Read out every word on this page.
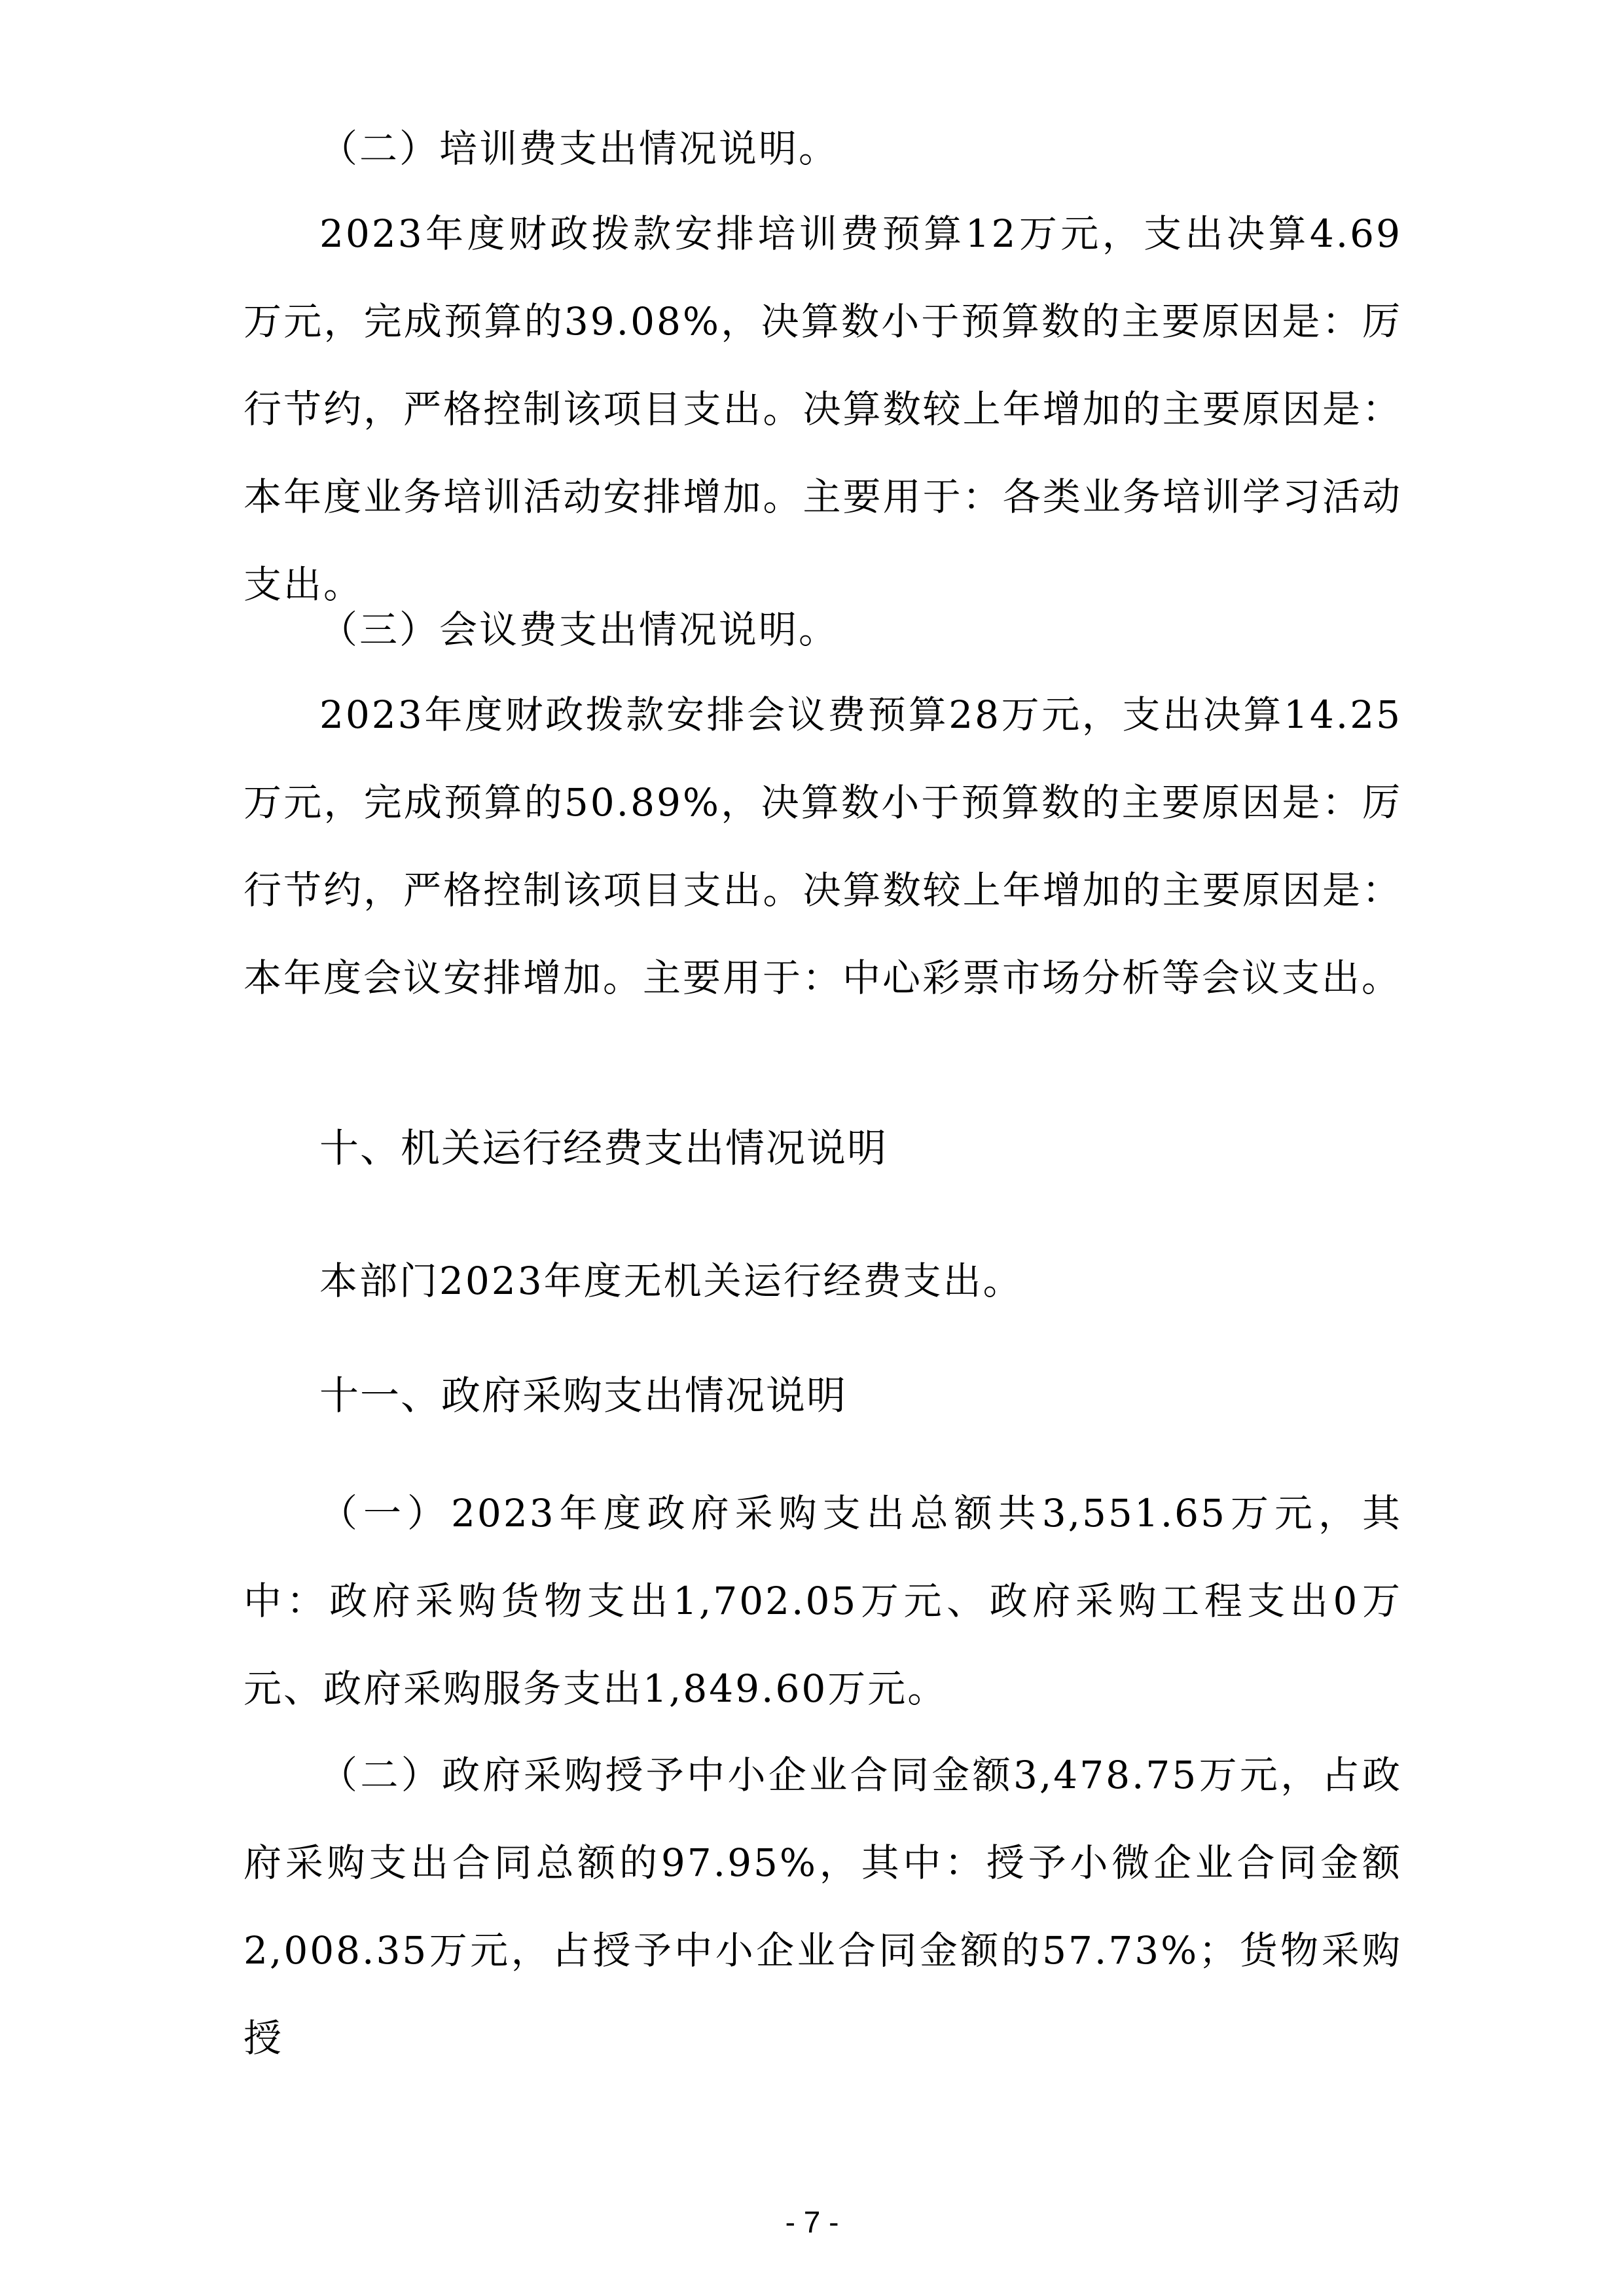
（二）培训费支出情况说明。

2023年度财政拨款安排培训费预算12万元，支出决算4.69万元，完成预算的39.08%，决算数小于预算数的主要原因是：厉行节约，严格控制该项目支出。决算数较上年增加的主要原因是：本年度业务培训活动安排增加。主要用于：各类业务培训学习活动支出。

（三）会议费支出情况说明。

2023年度财政拨款安排会议费预算28万元，支出决算14.25万元，完成预算的50.89%，决算数小于预算数的主要原因是：厉行节约，严格控制该项目支出。决算数较上年增加的主要原因是：本年度会议安排增加。主要用于：中心彩票市场分析等会议支出。

十、机关运行经费支出情况说明

本部门2023年度无机关运行经费支出。

十一、政府采购支出情况说明

（一）2023年度政府采购支出总额共3,551.65万元，其中：政府采购货物支出1,702.05万元、政府采购工程支出0万元、政府采购服务支出1,849.60万元。

（二）政府采购授予中小企业合同金额3,478.75万元，占政府采购支出合同总额的97.95%，其中：授予小微企业合同金额2,008.35万元，占授予中小企业合同金额的57.73%；货物采购授

- 7 -
